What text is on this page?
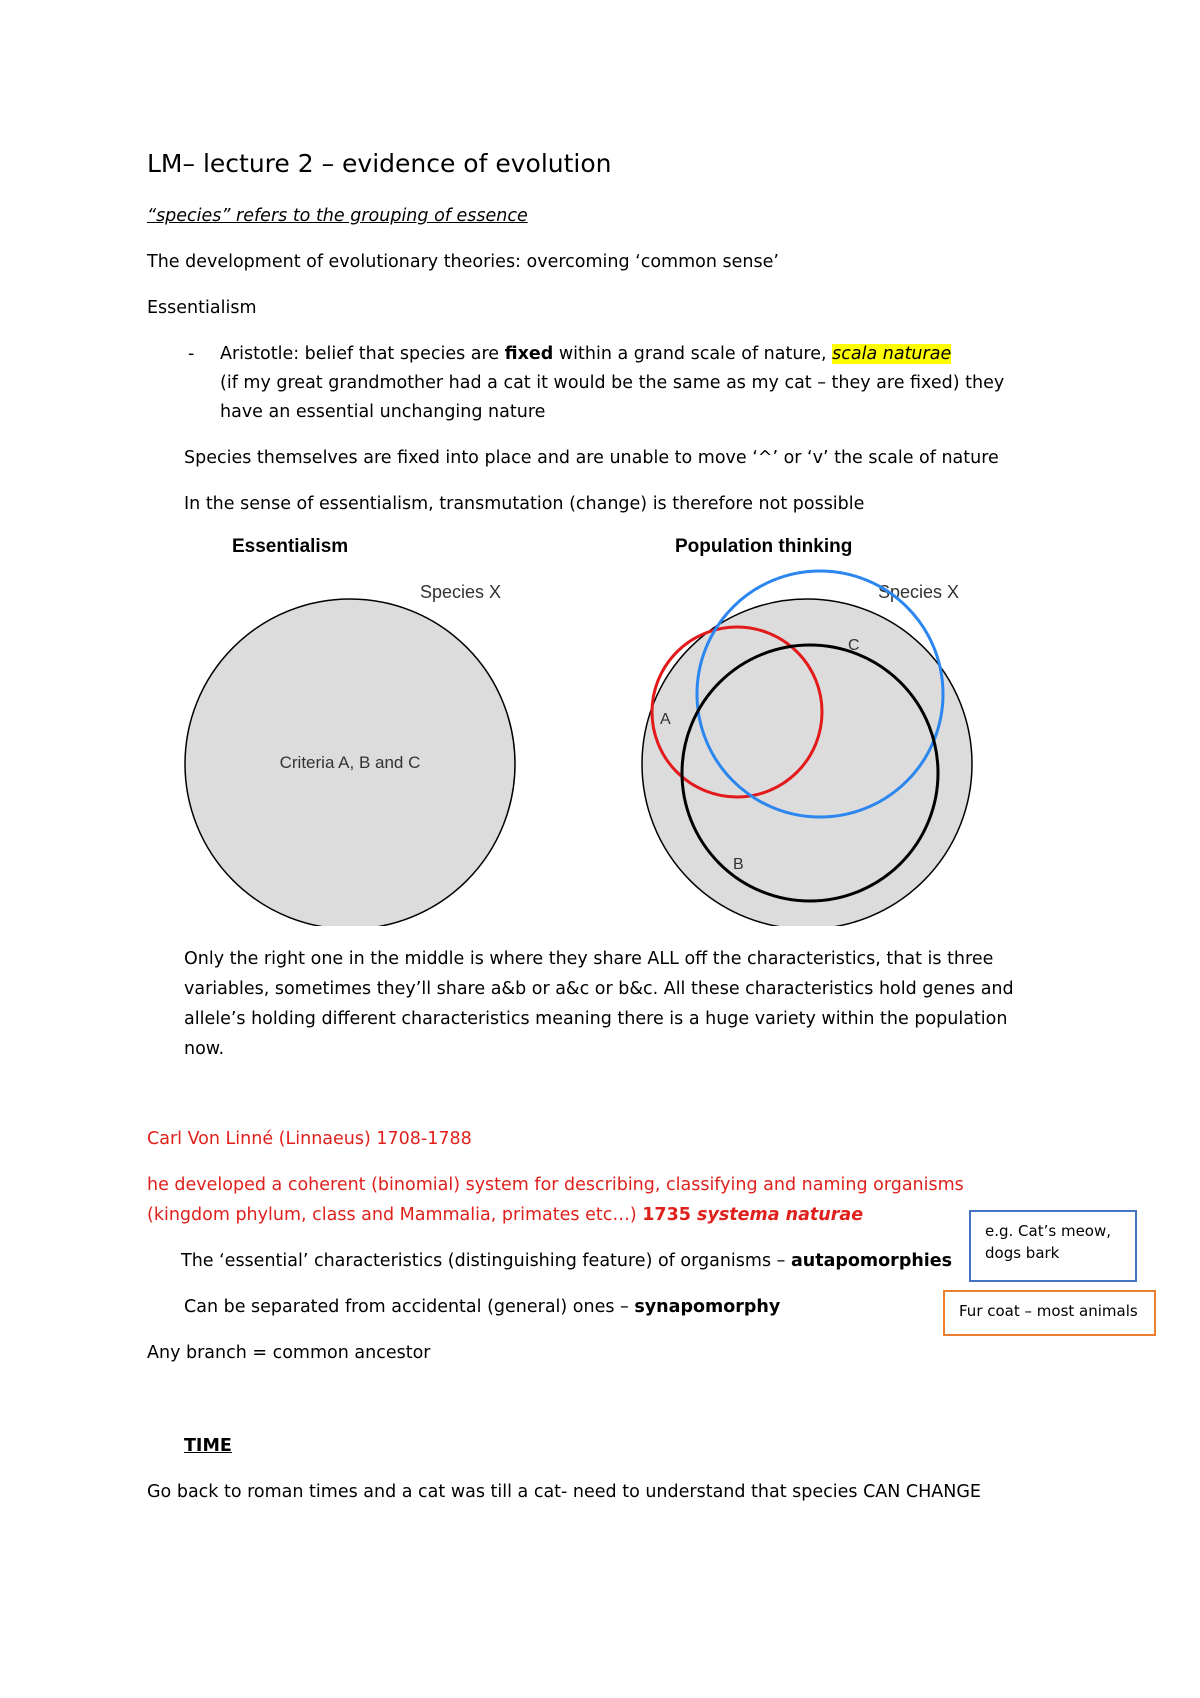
LM– lecture 2 – evidence of evolution
“species” refers to the grouping of essence
The development of evolutionary theories: overcoming ‘common sense’
Essentialism
- Aristotle: belief that species are fixed within a grand scale of nature, scala naturae
(if my great grandmother had a cat it would be the same as my cat – they are fixed) they
have an essential unchanging nature
Species themselves are fixed into place and are unable to move ‘^’ or ‘v’ the scale of nature
In the sense of essentialism, transmutation (change) is therefore not possible
Essentialism	Population thinking
Species X	Species X
Criteria A, B and C
A
C
B
Only the right one in the middle is where they share ALL off the characteristics, that is three
variables, sometimes they’ll share a&b or a&c or b&c. All these characteristics hold genes and
allele’s holding different characteristics meaning there is a huge variety within the population
now.
Carl Von Linné (Linnaeus) 1708-1788
he developed a coherent (binomial) system for describing, classifying and naming organisms
(kingdom phylum, class and Mammalia, primates etc…) 1735 systema naturae
The ‘essential’ characteristics (distinguishing feature) of organisms – autapomorphies
Can be separated from accidental (general) ones – synapomorphy
Any branch = common ancestor
TIME
Go back to roman times and a cat was till a cat- need to understand that species CAN CHANGE
e.g. Cat’s meow, dogs bark
Fur coat – most animals
